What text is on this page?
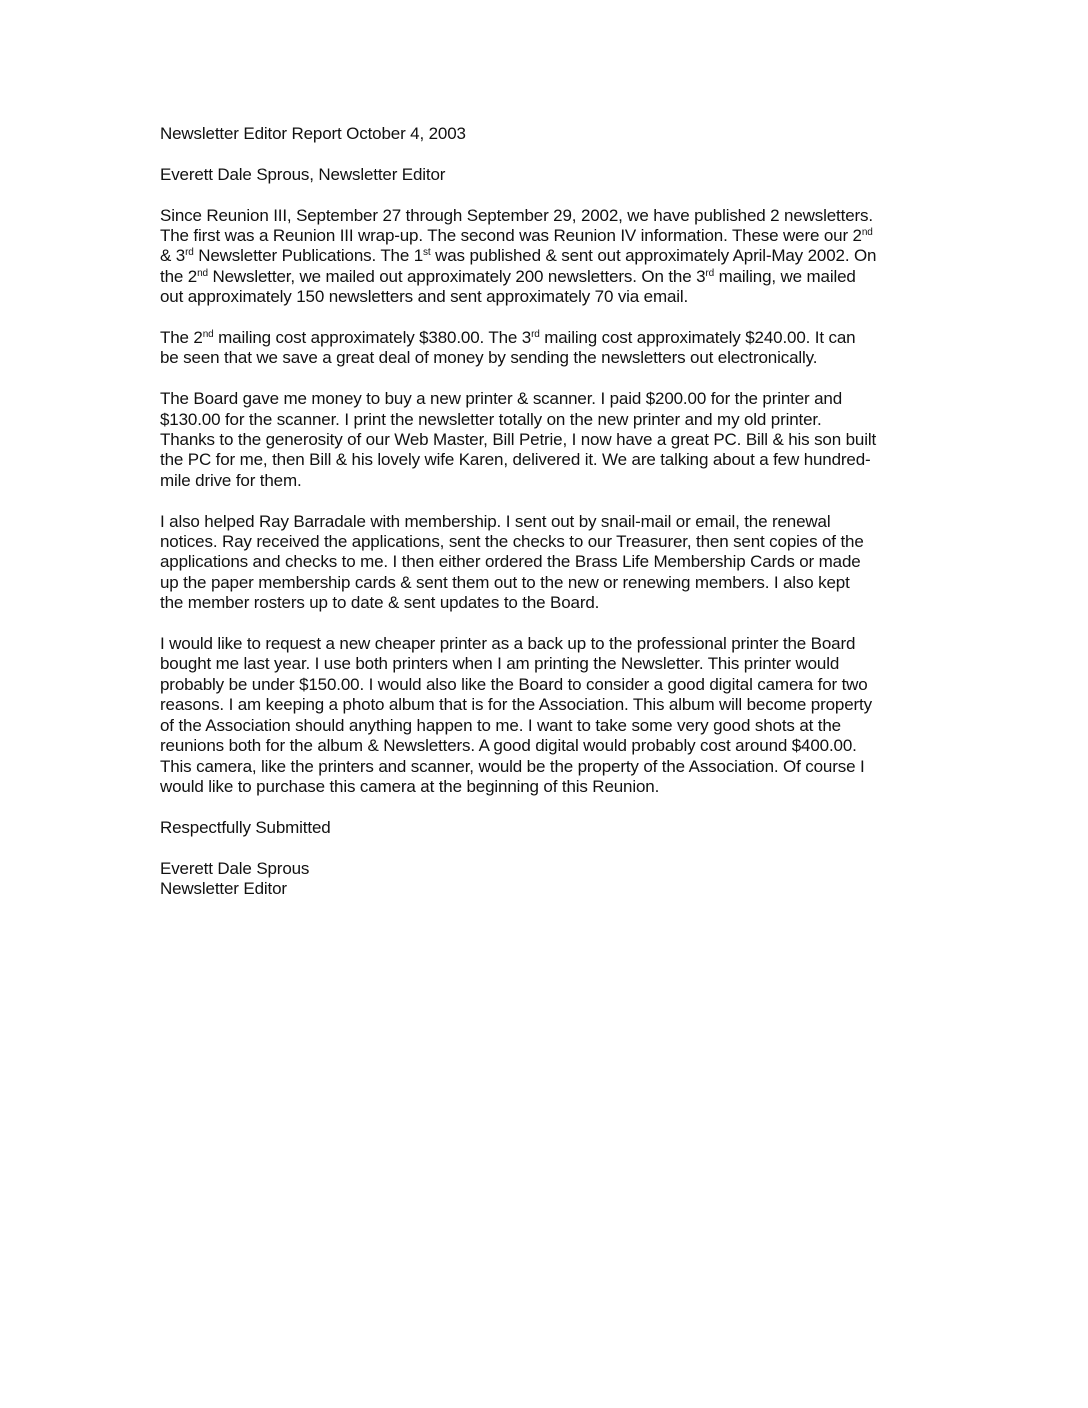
Newsletter Editor Report October 4, 2003

Everett Dale Sprous, Newsletter Editor

Since Reunion III, September 27 through September 29, 2002, we have published 2 newsletters.
The first was a Reunion III wrap-up. The second was Reunion IV information. These were our 2nd
& 3rd Newsletter Publications. The 1st was published & sent out approximately April-May 2002. On
the 2nd Newsletter, we mailed out approximately 200 newsletters. On the 3rd mailing, we mailed
out approximately 150 newsletters and sent approximately 70 via email.

The 2nd mailing cost approximately $380.00. The 3rd mailing cost approximately $240.00. It can
be seen that we save a great deal of money by sending the newsletters out electronically.

The Board gave me money to buy a new printer & scanner. I paid $200.00 for the printer and
$130.00 for the scanner. I print the newsletter totally on the new printer and my old printer.
Thanks to the generosity of our Web Master, Bill Petrie, I now have a great PC. Bill & his son built
the PC for me, then Bill & his lovely wife Karen, delivered it. We are talking about a few hundred-
mile drive for them.

I also helped Ray Barradale with membership. I sent out by snail-mail or email, the renewal
notices. Ray received the applications, sent the checks to our Treasurer, then sent copies of the
applications and checks to me. I then either ordered the Brass Life Membership Cards or made
up the paper membership cards & sent them out to the new or renewing members. I also kept
the member rosters up to date & sent updates to the Board.

I would like to request a new cheaper printer as a back up to the professional printer the Board
bought me last year. I use both printers when I am printing the Newsletter. This printer would
probably be under $150.00. I would also like the Board to consider a good digital camera for two
reasons. I am keeping a photo album that is for the Association. This album will become property
of the Association should anything happen to me. I want to take some very good shots at the
reunions both for the album & Newsletters. A good digital would probably cost around $400.00.
This camera, like the printers and scanner, would be the property of the Association. Of course I
would like to purchase this camera at the beginning of this Reunion.

Respectfully Submitted

Everett Dale Sprous

Newsletter Editor
